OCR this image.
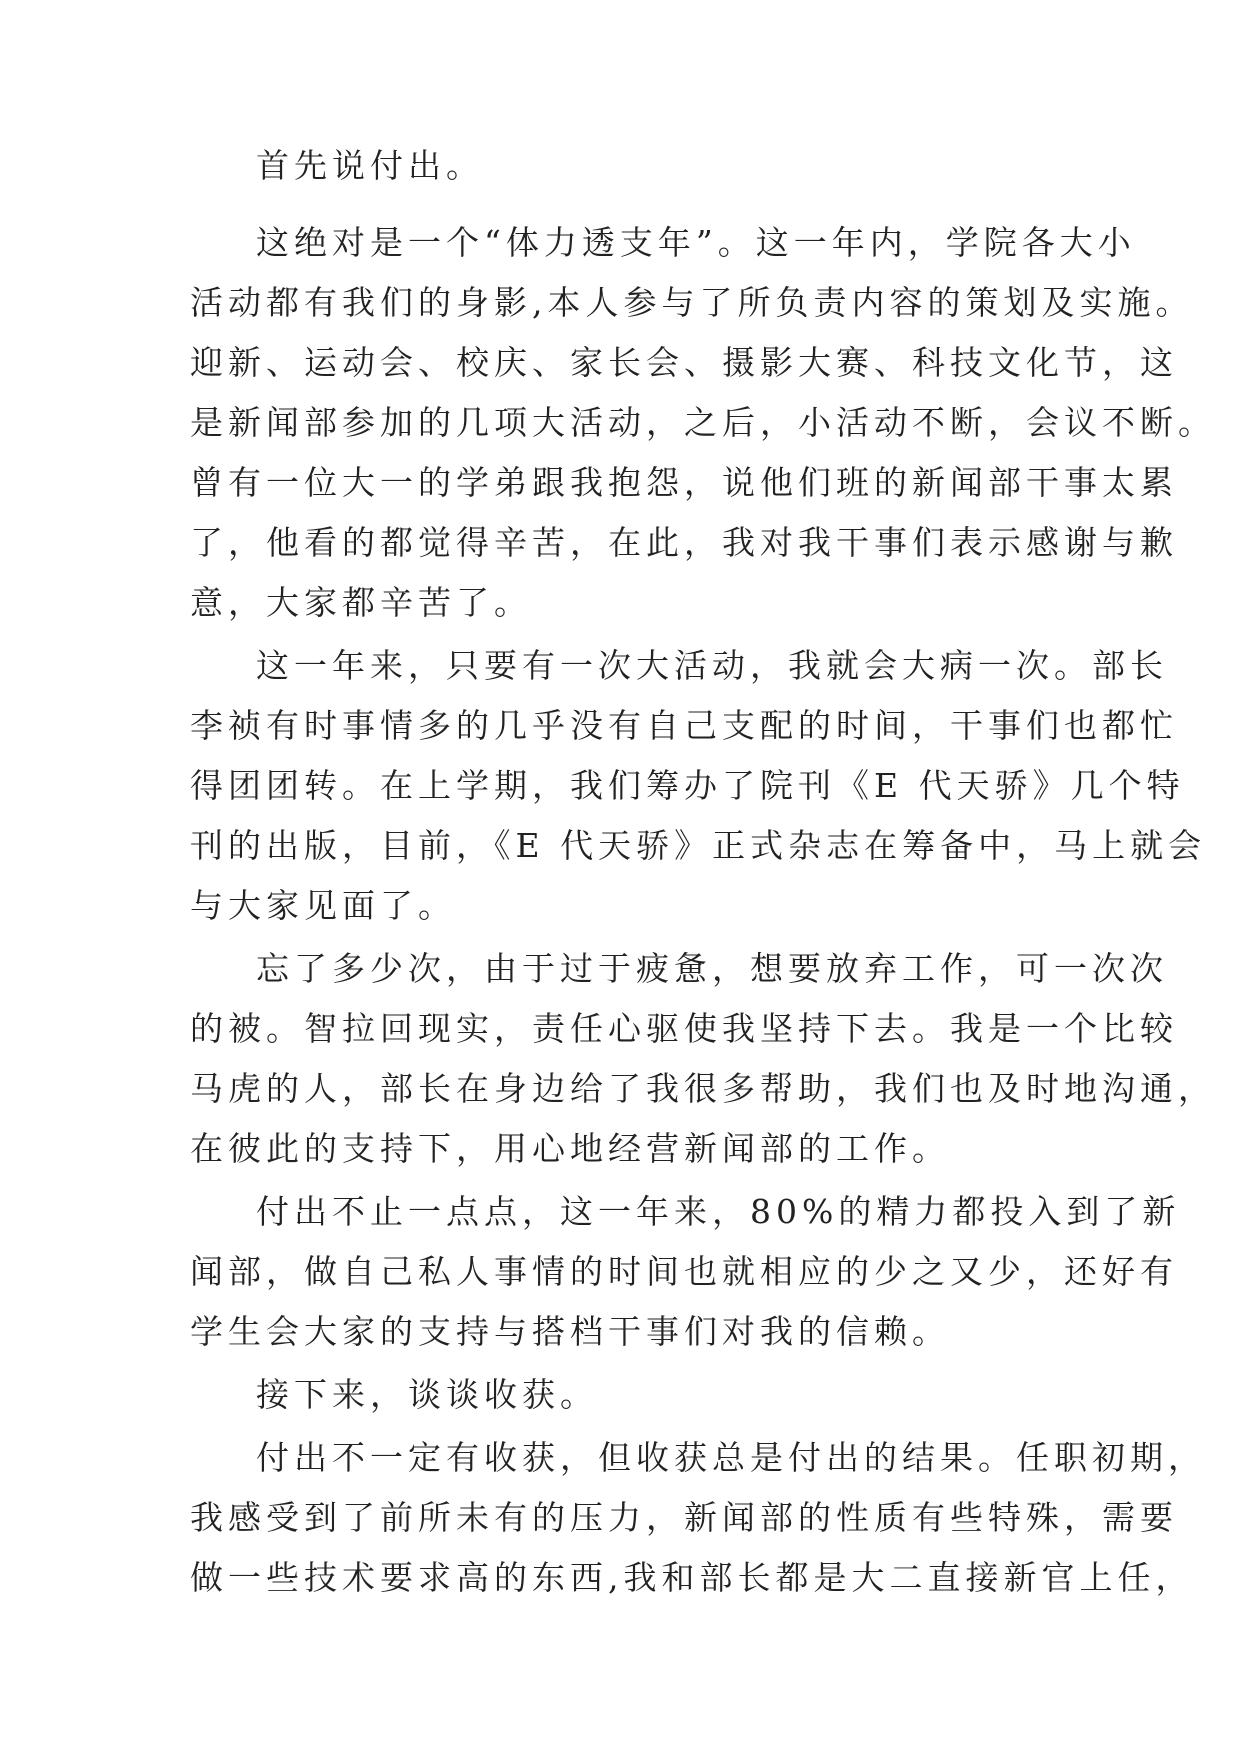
首先说付出。
这绝对是一个“体力透支年”。这一年内，学院各大小
活动都有我们的身影,本人参与了所负责内容的策划及实施。
迎新、运动会、校庆、家长会、摄影大赛、科技文化节，这
是新闻部参加的几项大活动，之后，小活动不断，会议不断。
曾有一位大一的学弟跟我抱怨，说他们班的新闻部干事太累
了，他看的都觉得辛苦，在此，我对我干事们表示感谢与歉
意，大家都辛苦了。
这一年来，只要有一次大活动，我就会大病一次。部长
李祯有时事情多的几乎没有自己支配的时间，干事们也都忙
得团团转。在上学期，我们筹办了院刊《E 代天骄》几个特
刊的出版，目前，《E 代天骄》正式杂志在筹备中，马上就会
与大家见面了。
忘了多少次，由于过于疲惫，想要放弃工作，可一次次
的被。智拉回现实，责任心驱使我坚持下去。我是一个比较
马虎的人，部长在身边给了我很多帮助，我们也及时地沟通，
在彼此的支持下，用心地经营新闻部的工作。
付出不止一点点，这一年来，80%的精力都投入到了新
闻部，做自己私人事情的时间也就相应的少之又少，还好有
学生会大家的支持与搭档干事们对我的信赖。
接下来，谈谈收获。
付出不一定有收获，但收获总是付出的结果。任职初期，
我感受到了前所未有的压力，新闻部的性质有些特殊，需要
做一些技术要求高的东西,我和部长都是大二直接新官上任，
